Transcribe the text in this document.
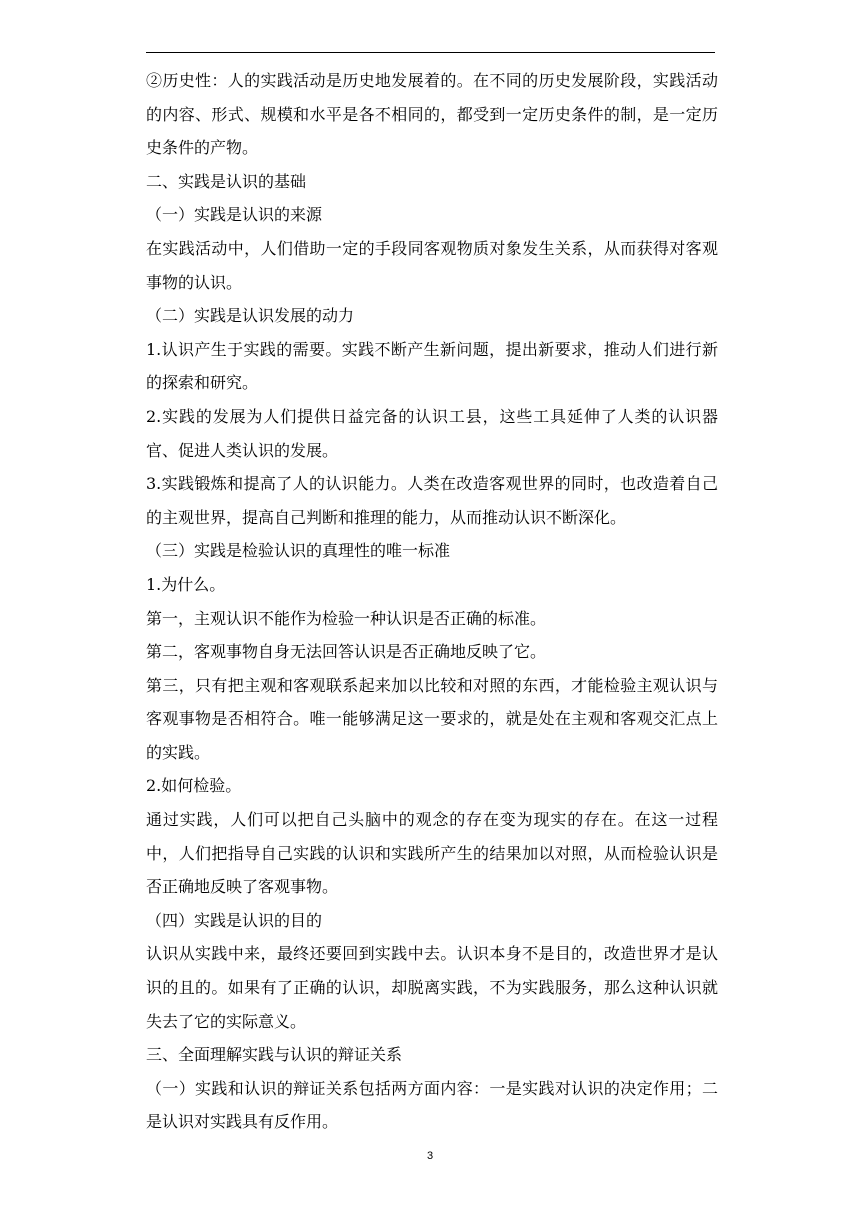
②历史性：人的实践活动是历史地发展着的。在不同的历史发展阶段，实践活动的内容、形式、规模和水平是各不相同的，都受到一定历史条件的制，是一定历史条件的产物。

二、实践是认识的基础

（一）实践是认识的来源

在实践活动中，人们借助一定的手段同客观物质对象发生关系，从而获得对客观事物的认识。

（二）实践是认识发展的动力

1.认识产生于实践的需要。实践不断产生新问题，提出新要求，推动人们进行新的探索和研究。

2.实践的发展为人们提供日益完备的认识工县，这些工具延伸了人类的认识器官、促进人类认识的发展。

3.实践锻炼和提高了人的认识能力。人类在改造客观世界的同时，也改造着自己的主观世界，提高自己判断和推理的能力，从而推动认识不断深化。

（三）实践是检验认识的真理性的唯一标准

1.为什么。

第一，主观认识不能作为检验一种认识是否正确的标准。

第二，客观事物自身无法回答认识是否正确地反映了它。

第三，只有把主观和客观联系起来加以比较和对照的东西，才能检验主观认识与客观事物是否相符合。唯一能够满足这一要求的，就是处在主观和客观交汇点上的实践。

2.如何检验。

通过实践，人们可以把自己头脑中的观念的存在变为现实的存在。在这一过程中，人们把指导自己实践的认识和实践所产生的结果加以对照，从而检验认识是否正确地反映了客观事物。

（四）实践是认识的目的

认识从实践中来，最终还要回到实践中去。认识本身不是目的，改造世界才是认识的且的。如果有了正确的认识，却脱离实践，不为实践服务，那么这种认识就失去了它的实际意义。

三、全面理解实践与认识的辩证关系

（一）实践和认识的辩证关系包括两方面内容：一是实践对认识的决定作用；二是认识对实践具有反作用。

3
